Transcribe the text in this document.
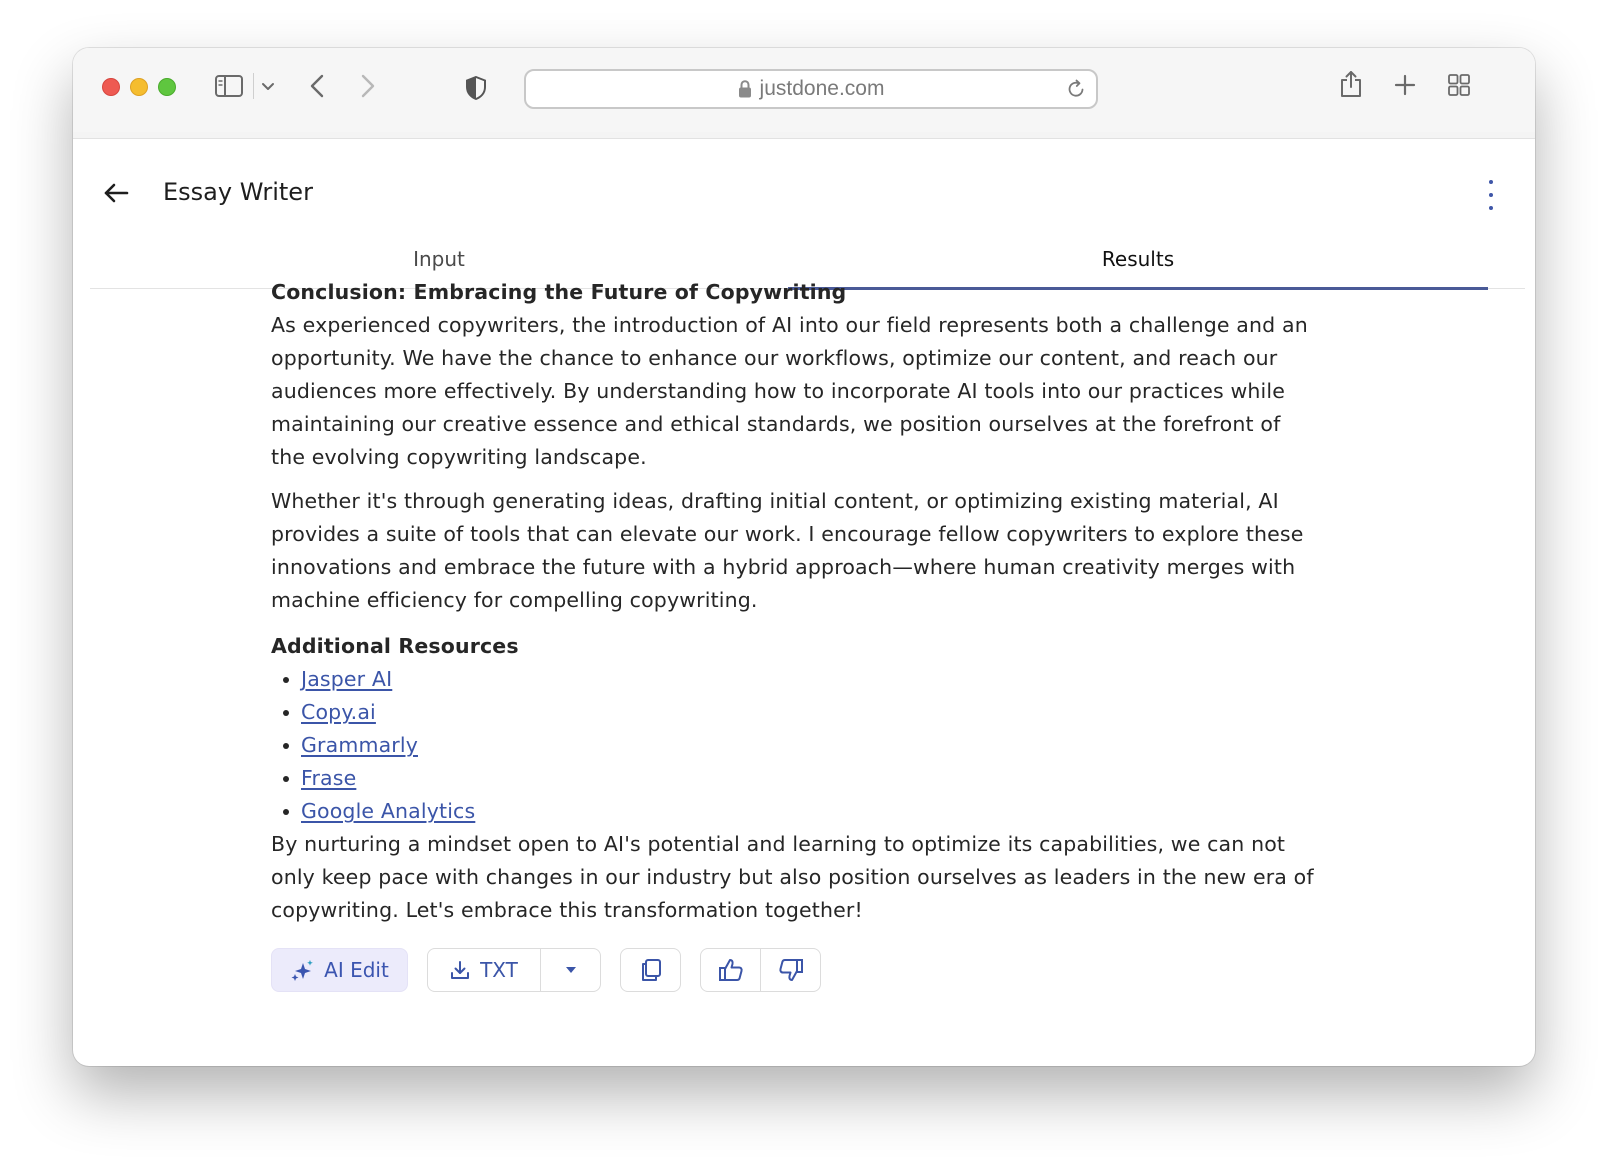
justdone.com
Essay Writer
Input	Results
Conclusion: Embracing the Future of Copywriting

As experienced copywriters, the introduction of AI into our field represents both a challenge and an opportunity. We have the chance to enhance our workflows, optimize our content, and reach our audiences more effectively. By understanding how to incorporate AI tools into our practices while maintaining our creative essence and ethical standards, we position ourselves at the forefront of the evolving copywriting landscape.

Whether it's through generating ideas, drafting initial content, or optimizing existing material, AI provides a suite of tools that can elevate our work. I encourage fellow copywriters to explore these innovations and embrace the future with a hybrid approach—where human creativity merges with machine efficiency for compelling copywriting.

Additional Resources
Jasper AI
Copy.ai
Grammarly
Frase
Google Analytics

By nurturing a mindset open to AI's potential and learning to optimize its capabilities, we can not only keep pace with changes in our industry but also position ourselves as leaders in the new era of copywriting. Let's embrace this transformation together!

AI Edit	TXT
